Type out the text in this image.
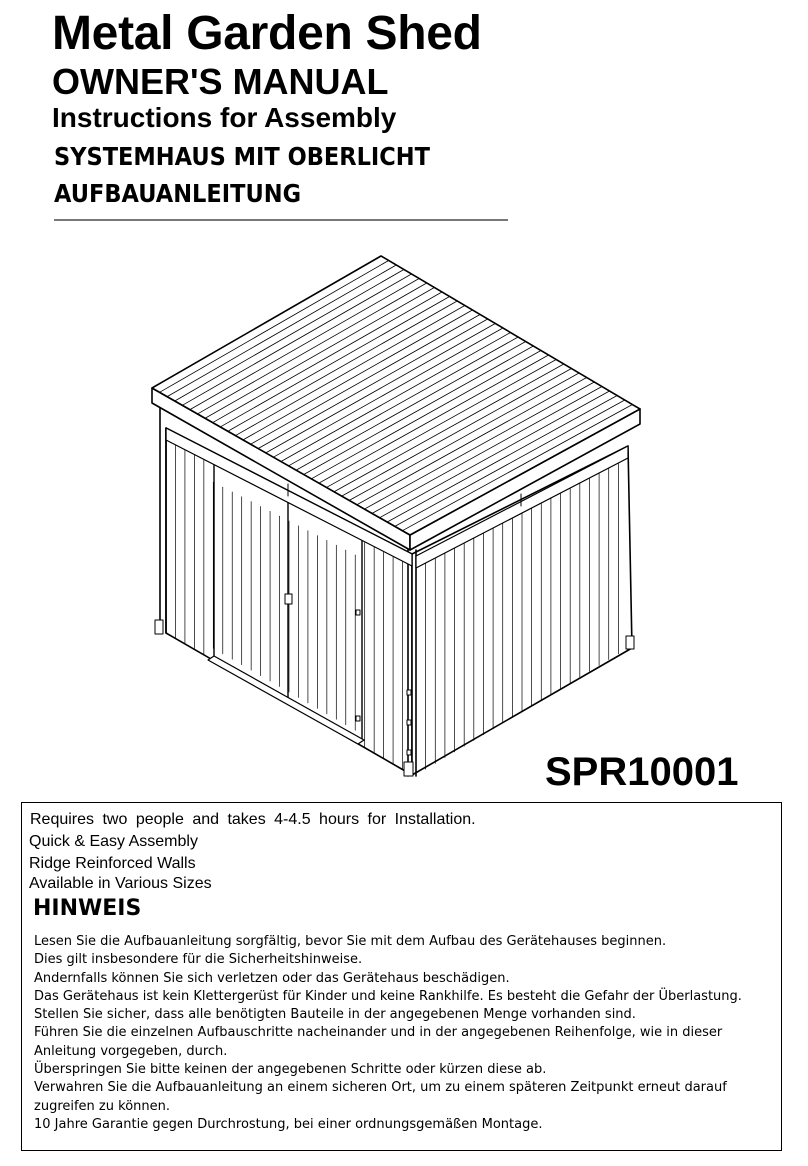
Metal Garden Shed
OWNER'S MANUAL
Instructions for Assembly
SYSTEMHAUS MIT OBERLICHT
AUFBAUANLEITUNG
SPR10001
Requires two people and takes 4-4.5 hours for Installation.
Quick & Easy Assembly
Ridge Reinforced Walls
Available in Various Sizes
HINWEIS
Lesen Sie die Aufbauanleitung sorgfältig, bevor Sie mit dem Aufbau des Gerätehauses beginnen.
Dies gilt insbesondere für die Sicherheitshinweise.
Andernfalls können Sie sich verletzen oder das Gerätehaus beschädigen.
Das Gerätehaus ist kein Klettergerüst für Kinder und keine Rankhilfe. Es besteht die Gefahr der Überlastung.
Stellen Sie sicher, dass alle benötigten Bauteile in der angegebenen Menge vorhanden sind.
Führen Sie die einzelnen Aufbauschritte nacheinander und in der angegebenen Reihenfolge, wie in dieser
Anleitung vorgegeben, durch.
Überspringen Sie bitte keinen der angegebenen Schritte oder kürzen diese ab.
Verwahren Sie die Aufbauanleitung an einem sicheren Ort, um zu einem späteren Zeitpunkt erneut darauf
zugreifen zu können.
10 Jahre Garantie gegen Durchrostung, bei einer ordnungsgemäßen Montage.
